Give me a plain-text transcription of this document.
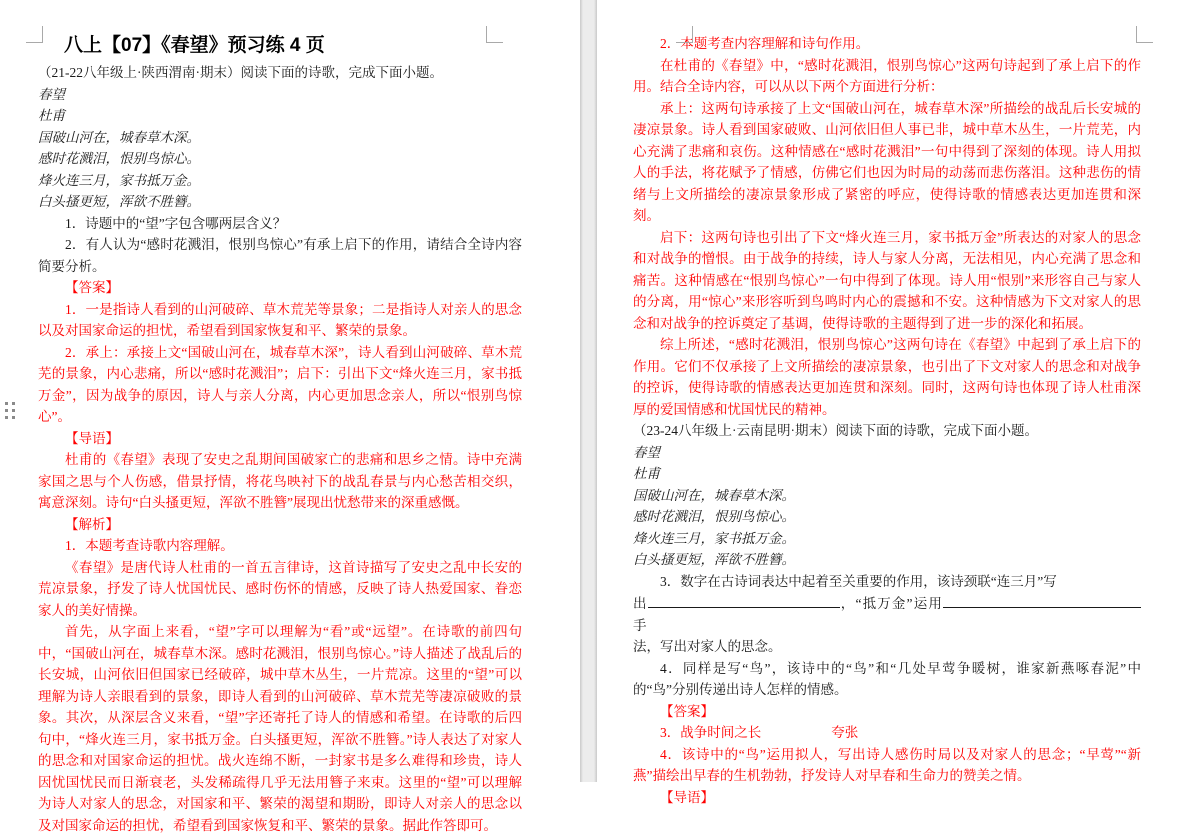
八上【07】《春望》预习练 4 页

（21-22八年级上·陕西渭南·期末）阅读下面的诗歌，完成下面小题。

春望

杜甫

国破山河在，城春草木深。

感时花溅泪，恨别鸟惊心。

烽火连三月，家书抵万金。

白头搔更短，浑欲不胜簪。

1．诗题中的“望”字包含哪两层含义？

2．有人认为“感时花溅泪，恨别鸟惊心”有承上启下的作用，请结合全诗内容简要分析。

【答案】

1．一是指诗人看到的山河破碎、草木荒芜等景象；二是指诗人对亲人的思念以及对国家命运的担忧，希望看到国家恢复和平、繁荣的景象。

2．承上：承接上文“国破山河在，城春草木深”，诗人看到山河破碎、草木荒芜的景象，内心悲痛，所以“感时花溅泪”；启下：引出下文“烽火连三月，家书抵万金”，因为战争的原因，诗人与亲人分离，内心更加思念亲人，所以“恨别鸟惊心”。

【导语】

杜甫的《春望》表现了安史之乱期间国破家亡的悲痛和思乡之情。诗中充满家国之思与个人伤感，借景抒情，将花鸟映衬下的战乱春景与内心愁苦相交织，寓意深刻。诗句“白头搔更短，浑欲不胜簪”展现出忧愁带来的深重感慨。

【解析】

1．本题考查诗歌内容理解。

《春望》是唐代诗人杜甫的一首五言律诗，这首诗描写了安史之乱中长安的荒凉景象，抒发了诗人忧国忧民、感时伤怀的情感，反映了诗人热爱国家、眷恋家人的美好情操。

首先，从字面上来看，“望”字可以理解为“看”或“远望”。在诗歌的前四句中，“国破山河在，城春草木深。感时花溅泪，恨别鸟惊心。”诗人描述了战乱后的长安城，山河依旧但国家已经破碎，城中草木丛生，一片荒凉。这里的“望”可以理解为诗人亲眼看到的景象，即诗人看到的山河破碎、草木荒芜等凄凉破败的景象。其次，从深层含义来看，“望”字还寄托了诗人的情感和希望。在诗歌的后四句中，“烽火连三月，家书抵万金。白头搔更短，浑欲不胜簪。”诗人表达了对家人的思念和对国家命运的担忧。战火连绵不断，一封家书是多么难得和珍贵，诗人因忧国忧民而日渐衰老，头发稀疏得几乎无法用簪子来束。这里的“望”可以理解为诗人对家人的思念，对国家和平、繁荣的渴望和期盼，即诗人对亲人的思念以及对国家命运的担忧，希望看到国家恢复和平、繁荣的景象。据此作答即可。

2．本题考查内容理解和诗句作用。

在杜甫的《春望》中，“感时花溅泪，恨别鸟惊心”这两句诗起到了承上启下的作用。结合全诗内容，可以从以下两个方面进行分析：

承上：这两句诗承接了上文“国破山河在，城春草木深”所描绘的战乱后长安城的凄凉景象。诗人看到国家破败、山河依旧但人事已非，城中草木丛生，一片荒芜，内心充满了悲痛和哀伤。这种情感在“感时花溅泪”一句中得到了深刻的体现。诗人用拟人的手法，将花赋予了情感，仿佛它们也因为时局的动荡而悲伤落泪。这种悲伤的情绪与上文所描绘的凄凉景象形成了紧密的呼应，使得诗歌的情感表达更加连贯和深刻。

启下：这两句诗也引出了下文“烽火连三月，家书抵万金”所表达的对家人的思念和对战争的憎恨。由于战争的持续，诗人与家人分离，无法相见，内心充满了思念和痛苦。这种情感在“恨别鸟惊心”一句中得到了体现。诗人用“恨别”来形容自己与家人的分离，用“惊心”来形容听到鸟鸣时内心的震撼和不安。这种情感为下文对家人的思念和对战争的控诉奠定了基调，使得诗歌的主题得到了进一步的深化和拓展。

综上所述，“感时花溅泪，恨别鸟惊心”这两句诗在《春望》中起到了承上启下的作用。它们不仅承接了上文所描绘的凄凉景象，也引出了下文对家人的思念和对战争的控诉，使得诗歌的情感表达更加连贯和深刻。同时，这两句诗也体现了诗人杜甫深厚的爱国情感和忧国忧民的精神。

（23-24八年级上·云南昆明·期末）阅读下面的诗歌，完成下面小题。

春望

杜甫

国破山河在，城春草木深。

感时花溅泪，恨别鸟惊心。

烽火连三月，家书抵万金。

白头搔更短，浑欲不胜簪。

3．数字在古诗词表达中起着至关重要的作用，该诗颈联“连三月”写

出	，“抵万金”运用手

法，写出对家人的思念。

4．同样是写“鸟”，该诗中的“鸟”和“几处早莺争暖树，谁家新燕啄春泥”中的“鸟”分别传递出诗人怎样的情感。

【答案】

3．战争时间之长	夸张

4．该诗中的“鸟”运用拟人，写出诗人感伤时局以及对家人的思念；“早莺”“新燕”描绘出早春的生机勃勃，抒发诗人对早春和生命力的赞美之情。

【导语】
